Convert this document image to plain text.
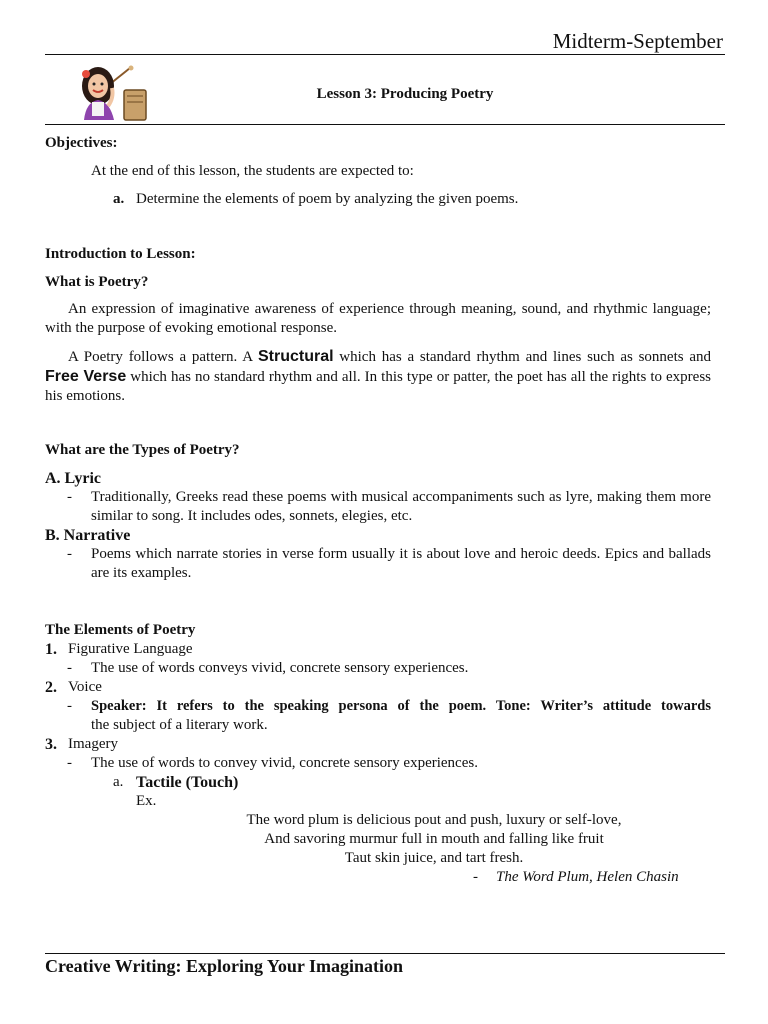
Midterm-September
Lesson 3: Producing Poetry
Objectives:
At the end of this lesson, the students are expected to:
a. Determine the elements of poem by analyzing the given poems.
Introduction to Lesson:
What is Poetry?
An expression of imaginative awareness of experience through meaning, sound, and rhythmic language; with the purpose of evoking emotional response.
A Poetry follows a pattern. A Structural which has a standard rhythm and lines such as sonnets and Free Verse which has no standard rhythm and all. In this type or patter, the poet has all the rights to express his emotions.
What are the Types of Poetry?
A. Lyric
- Traditionally, Greeks read these poems with musical accompaniments such as lyre, making them more similar to song. It includes odes, sonnets, elegies, etc.
B. Narrative
- Poems which narrate stories in verse form usually it is about love and heroic deeds. Epics and ballads are its examples.
The Elements of Poetry
1. Figurative Language
- The use of words conveys vivid, concrete sensory experiences.
2. Voice
- Speaker: It refers to the speaking persona of the poem. Tone: Writer’s attitude towards
the subject of a literary work.
3. Imagery
- The use of words to convey vivid, concrete sensory experiences.
a. Tactile (Touch)
Ex.
The word plum is delicious pout and push, luxury or self-love,
And savoring murmur full in mouth and falling like fruit
Taut skin juice, and tart fresh.
- The Word Plum, Helen Chasin
Creative Writing: Exploring Your Imagination
